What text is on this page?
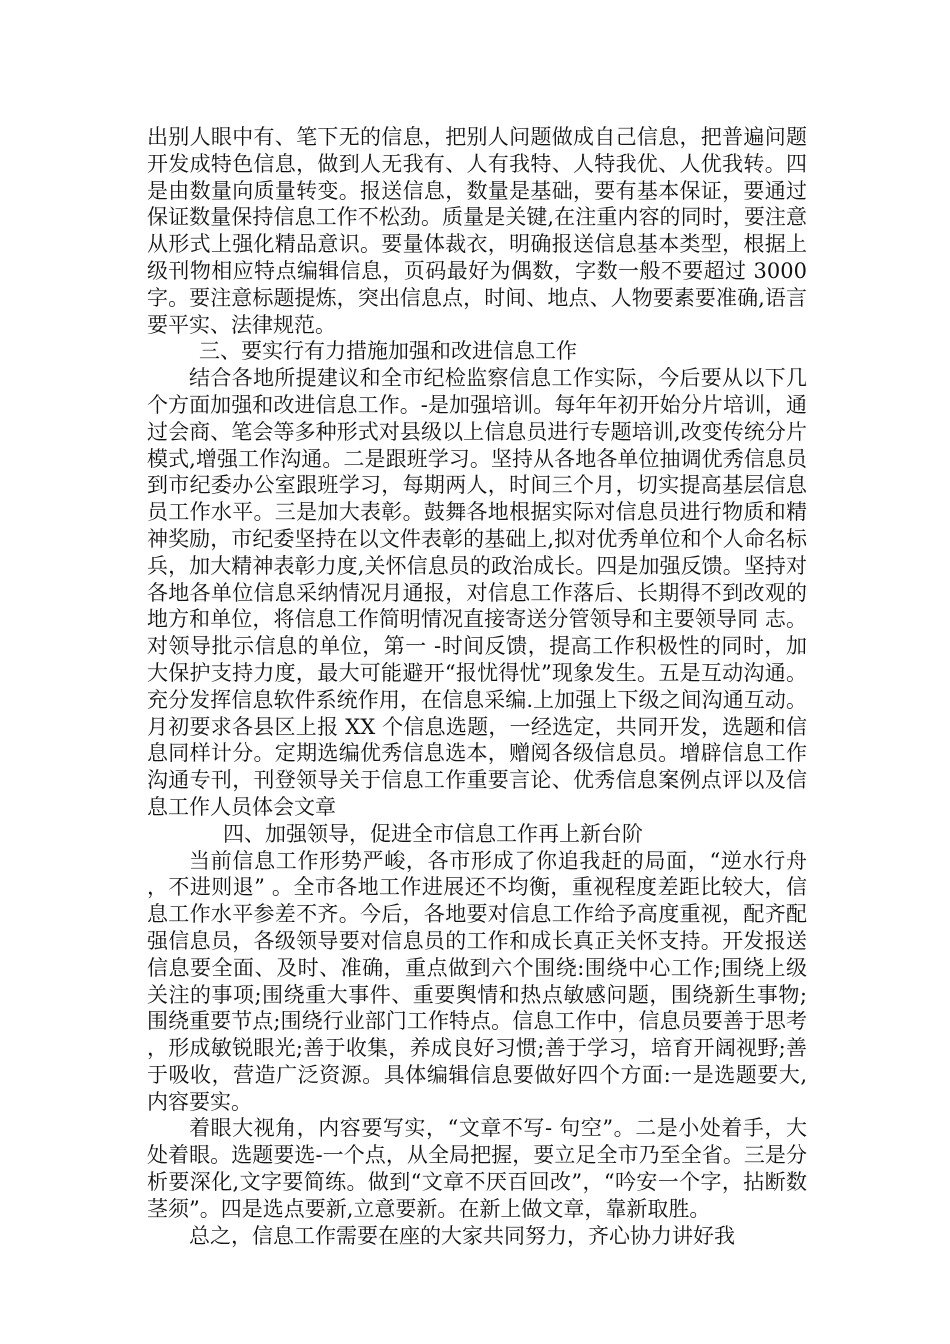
出别人眼中有、笔下无的信息，把别人问题做成自己信息，把普遍问题开发成特色信息，做到人无我有、人有我特、人特我优、人优我转。四是由数量向质量转变。报送信息，数量是基础，要有基本保证，要通过保证数量保持信息工作不松劲。质量是关键,在注重内容的同时，要注意从形式上强化精品意识。要量体裁衣，明确报送信息基本类型，根据上级刊物相应特点编辑信息，页码最好为偶数，字数一般不要超过 3000 字。要注意标题提炼，突出信息点，时间、地点、人物要素要准确,语言要平实、法律规范。

三、要实行有力措施加强和改进信息工作

结合各地所提建议和全市纪检监察信息工作实际，今后要从以下几个方面加强和改进信息工作。-是加强培训。每年年初开始分片培训，通过会商、笔会等多种形式对县级以上信息员进行专题培训,改变传统分片模式,增强工作沟通。二是跟班学习。坚持从各地各单位抽调优秀信息员到市纪委办公室跟班学习，每期两人，时间三个月，切实提高基层信息员工作水平。三是加大表彰。鼓舞各地根据实际对信息员进行物质和精神奖励，市纪委坚持在以文件表彰的基础上,拟对优秀单位和个人命名标兵，加大精神表彰力度,关怀信息员的政治成长。四是加强反馈。坚持对各地各单位信息采纳情况月通报，对信息工作落后、长期得不到改观的地方和单位，将信息工作简明情况直接寄送分管领导和主要领导同 志。对领导批示信息的单位，第一 -时间反馈，提高工作积极性的同时，加大保护支持力度，最大可能避开“报忧得忧”现象发生。五是互动沟通。充分发挥信息软件系统作用，在信息采编.上加强上下级之间沟通互动。月初要求各县区上报 XX 个信息选题，一经选定，共同开发，选题和信息同样计分。定期选编优秀信息选本，赠阅各级信息员。增辟信息工作沟通专刊，刊登领导关于信息工作重要言论、优秀信息案例点评以及信息工作人员体会文章

四、加强领导，促进全市信息工作再上新台阶

当前信息工作形势严峻，各市形成了你追我赶的局面，“逆水行舟，不进则退” 。全市各地工作进展还不均衡，重视程度差距比较大，信息工作水平参差不齐。今后，各地要对信息工作给予高度重视，配齐配强信息员，各级领导要对信息员的工作和成长真正关怀支持。开发报送信息要全面、及时、准确，重点做到六个围绕:围绕中心工作;围绕上级关注的事项;围绕重大事件、重要舆情和热点敏感问题，围绕新生事物;围绕重要节点;围绕行业部门工作特点。信息工作中，信息员要善于思考，形成敏锐眼光;善于收集，养成良好习惯;善于学习，培育开阔视野;善于吸收，营造广泛资源。具体编辑信息要做好四个方面:一是选题要大,内容要实。

着眼大视角，内容要写实，“文章不写- 句空”。二是小处着手，大处着眼。选题要选-一个点，从全局把握，要立足全市乃至全省。三是分析要深化,文字要简练。做到“文章不厌百回改”，“吟安一个字，拈断数茎须”。四是选点要新,立意要新。在新上做文章，靠新取胜。

总之，信息工作需要在座的大家共同努力，齐心协力讲好我
